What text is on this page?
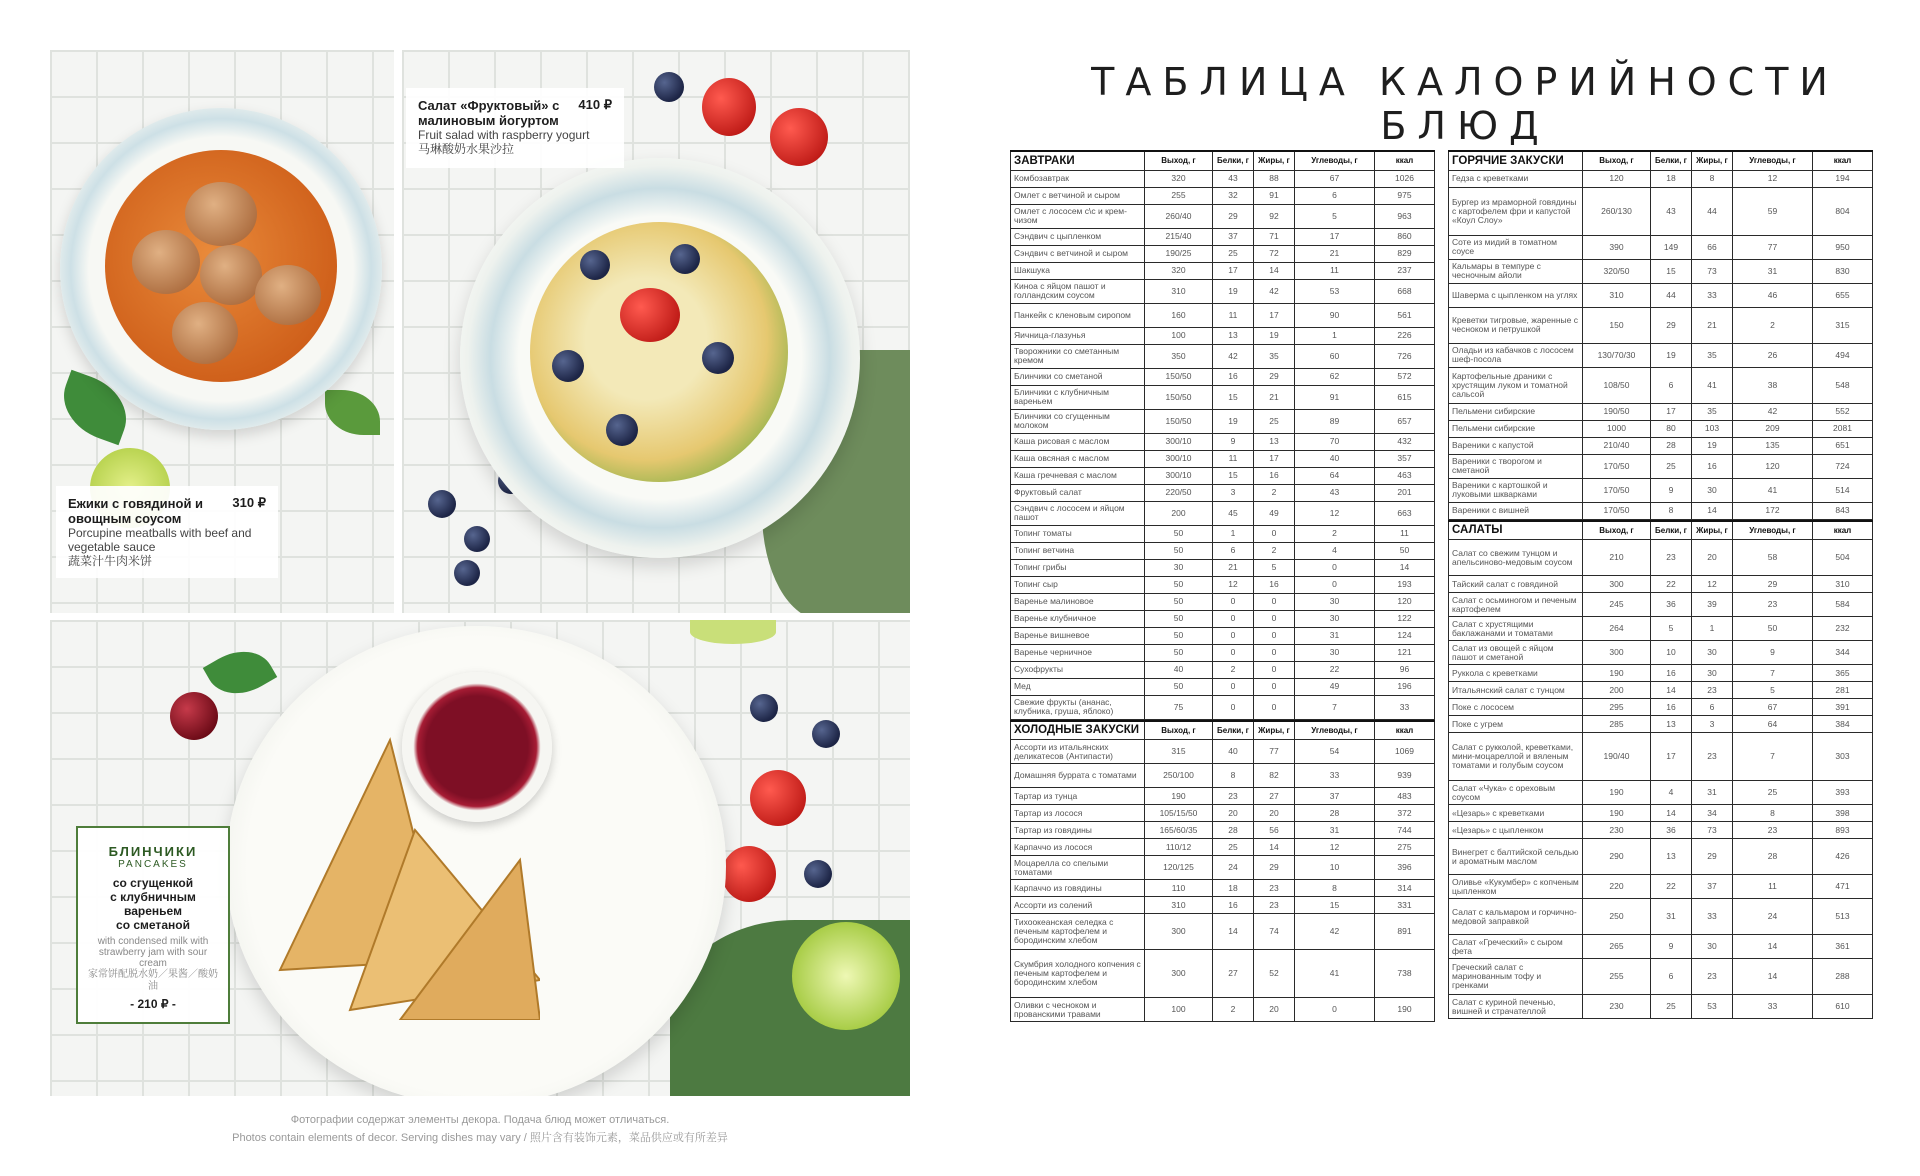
Ежики с говядиной и овощным соусом
310 ₽
Porcupine meatballs with beef and vegetable sauce
蔬菜汁牛肉米饼
Салат «Фруктовый» с малиновым йогуртом
410 ₽
Fruit salad with raspberry yogurt
马琳酸奶水果沙拉
БЛИНЧИКИ
PANCAKES
со сгущенкой
с клубничным вареньем
со сметаной
with condensed milk with strawberry jam with sour cream
家常饼配脱水奶／果酱／酸奶油
- 210 ₽ -
Фотографии содержат элементы декора. Подача блюд может отличаться.
Photos contain elements of decor. Serving dishes may vary / 照片含有装饰元素，菜品供应或有所差异
ТАБЛИЦА КАЛОРИЙНОСТИ БЛЮД
ЗАВТРАКИ	Выход, г	Белки, г	Жиры, г	Углеводы, г	ккал
Комбозавтрак	320	43	88	67	1026
Омлет с ветчиной и сыром	255	32	91	6	975
Омлет с лососем с\с и крем-чизом	260/40	29	92	5	963
Сэндвич с цыпленком	215/40	37	71	17	860
Сэндвич с ветчиной и сыром	190/25	25	72	21	829
Шакшука	320	17	14	11	237
Киноа с яйцом пашот и голландским соусом	310	19	42	53	668
Панкейк с кленовым сиропом	160	11	17	90	561
Яичница-глазунья	100	13	19	1	226
Творожники со сметанным кремом	350	42	35	60	726
Блинчики со сметаной	150/50	16	29	62	572
Блинчики с клубничным вареньем	150/50	15	21	91	615
Блинчики со сгущенным молоком	150/50	19	25	89	657
Каша рисовая с маслом	300/10	9	13	70	432
Каша овсяная с маслом	300/10	11	17	40	357
Каша гречневая с маслом	300/10	15	16	64	463
Фруктовый салат	220/50	3	2	43	201
Сэндвич с лососем и яйцом пашот	200	45	49	12	663
Топинг томаты	50	1	0	2	11
Топинг ветчина	50	6	2	4	50
Топинг грибы	30	21	5	0	14
Топинг сыр	50	12	16	0	193
Варенье малиновое	50	0	0	30	120
Варенье клубничное	50	0	0	30	122
Варенье вишневое	50	0	0	31	124
Варенье черничное	50	0	0	30	121
Сухофрукты	40	2	0	22	96
Мед	50	0	0	49	196
Свежие фрукты (ананас, клубника, груша, яблоко)	75	0	0	7	33
ХОЛОДНЫЕ ЗАКУСКИ	Выход, г	Белки, г	Жиры, г	Углеводы, г	ккал
Ассорти из итальянских деликатесов (Антипасти)	315	40	77	54	1069
Домашняя буррата с томатами	250/100	8	82	33	939
Тартар из тунца	190	23	27	37	483
Тартар из лосося	105/15/50	20	20	28	372
Тартар из говядины	165/60/35	28	56	31	744
Карпаччо из лосося	110/12	25	14	12	275
Моцарелла со спелыми томатами	120/125	24	29	10	396
Карпаччо из говядины	110	18	23	8	314
Ассорти из солений	310	16	23	15	331
Тихоокеанская селедка с печеным картофелем и бородинским хлебом	300	14	74	42	891
Скумбрия холодного копчения с печеным картофелем и бородинским хлебом	300	27	52	41	738
Оливки с чесноком и прованскими травами	100	2	20	0	190
ГОРЯЧИЕ ЗАКУСКИ	Выход, г	Белки, г	Жиры, г	Углеводы, г	ккал
Гедза с креветками	120	18	8	12	194
Бургер из мраморной говядины с картофелем фри и капустой «Коул Слоу»	260/130	43	44	59	804
Соте из мидий в томатном соусе	390	149	66	77	950
Кальмары в темпуре с чесночным айоли	320/50	15	73	31	830
Шаверма с цыпленком на углях	310	44	33	46	655
Креветки тигровые, жаренные с чесноком и петрушкой	150	29	21	2	315
Оладьи из кабачков с лососем шеф-посола	130/70/30	19	35	26	494
Картофельные драники с хрустящим луком и томатной сальсой	108/50	6	41	38	548
Пельмени сибирские	190/50	17	35	42	552
Пельмени сибирские	1000	80	103	209	2081
Вареники с капустой	210/40	28	19	135	651
Вареники с творогом и сметаной	170/50	25	16	120	724
Вареники с картошкой и луковыми шкварками	170/50	9	30	41	514
Вареники с вишней	170/50	8	14	172	843
САЛАТЫ	Выход, г	Белки, г	Жиры, г	Углеводы, г	ккал
Салат со свежим тунцом и апельсиново-медовым соусом	210	23	20	58	504
Тайский салат с говядиной	300	22	12	29	310
Салат с осьминогом и печеным картофелем	245	36	39	23	584
Салат с хрустящими баклажанами и томатами	264	5	1	50	232
Салат из овощей с яйцом пашот и сметаной	300	10	30	9	344
Руккола с креветками	190	16	30	7	365
Итальянский салат с тунцом	200	14	23	5	281
Поке с лососем	295	16	6	67	391
Поке с угрем	285	13	3	64	384
Салат с рукколой, креветками, мини-моцареллой и вяленым томатами и голубым соусом	190/40	17	23	7	303
Салат «Чука» с ореховым соусом	190	4	31	25	393
«Цезарь» с креветками	190	14	34	8	398
«Цезарь» с цыпленком	230	36	73	23	893
Винегрет с балтийской сельдью и ароматным маслом	290	13	29	28	426
Оливье «Кукумбер» с копченым цыпленком	220	22	37	11	471
Салат с кальмаром и горчично-медовой заправкой	250	31	33	24	513
Салат «Греческий» с сыром фета	265	9	30	14	361
Греческий салат с маринованным тофу и гренками	255	6	23	14	288
Салат с куриной печенью, вишней и страчателлой	230	25	53	33	610
